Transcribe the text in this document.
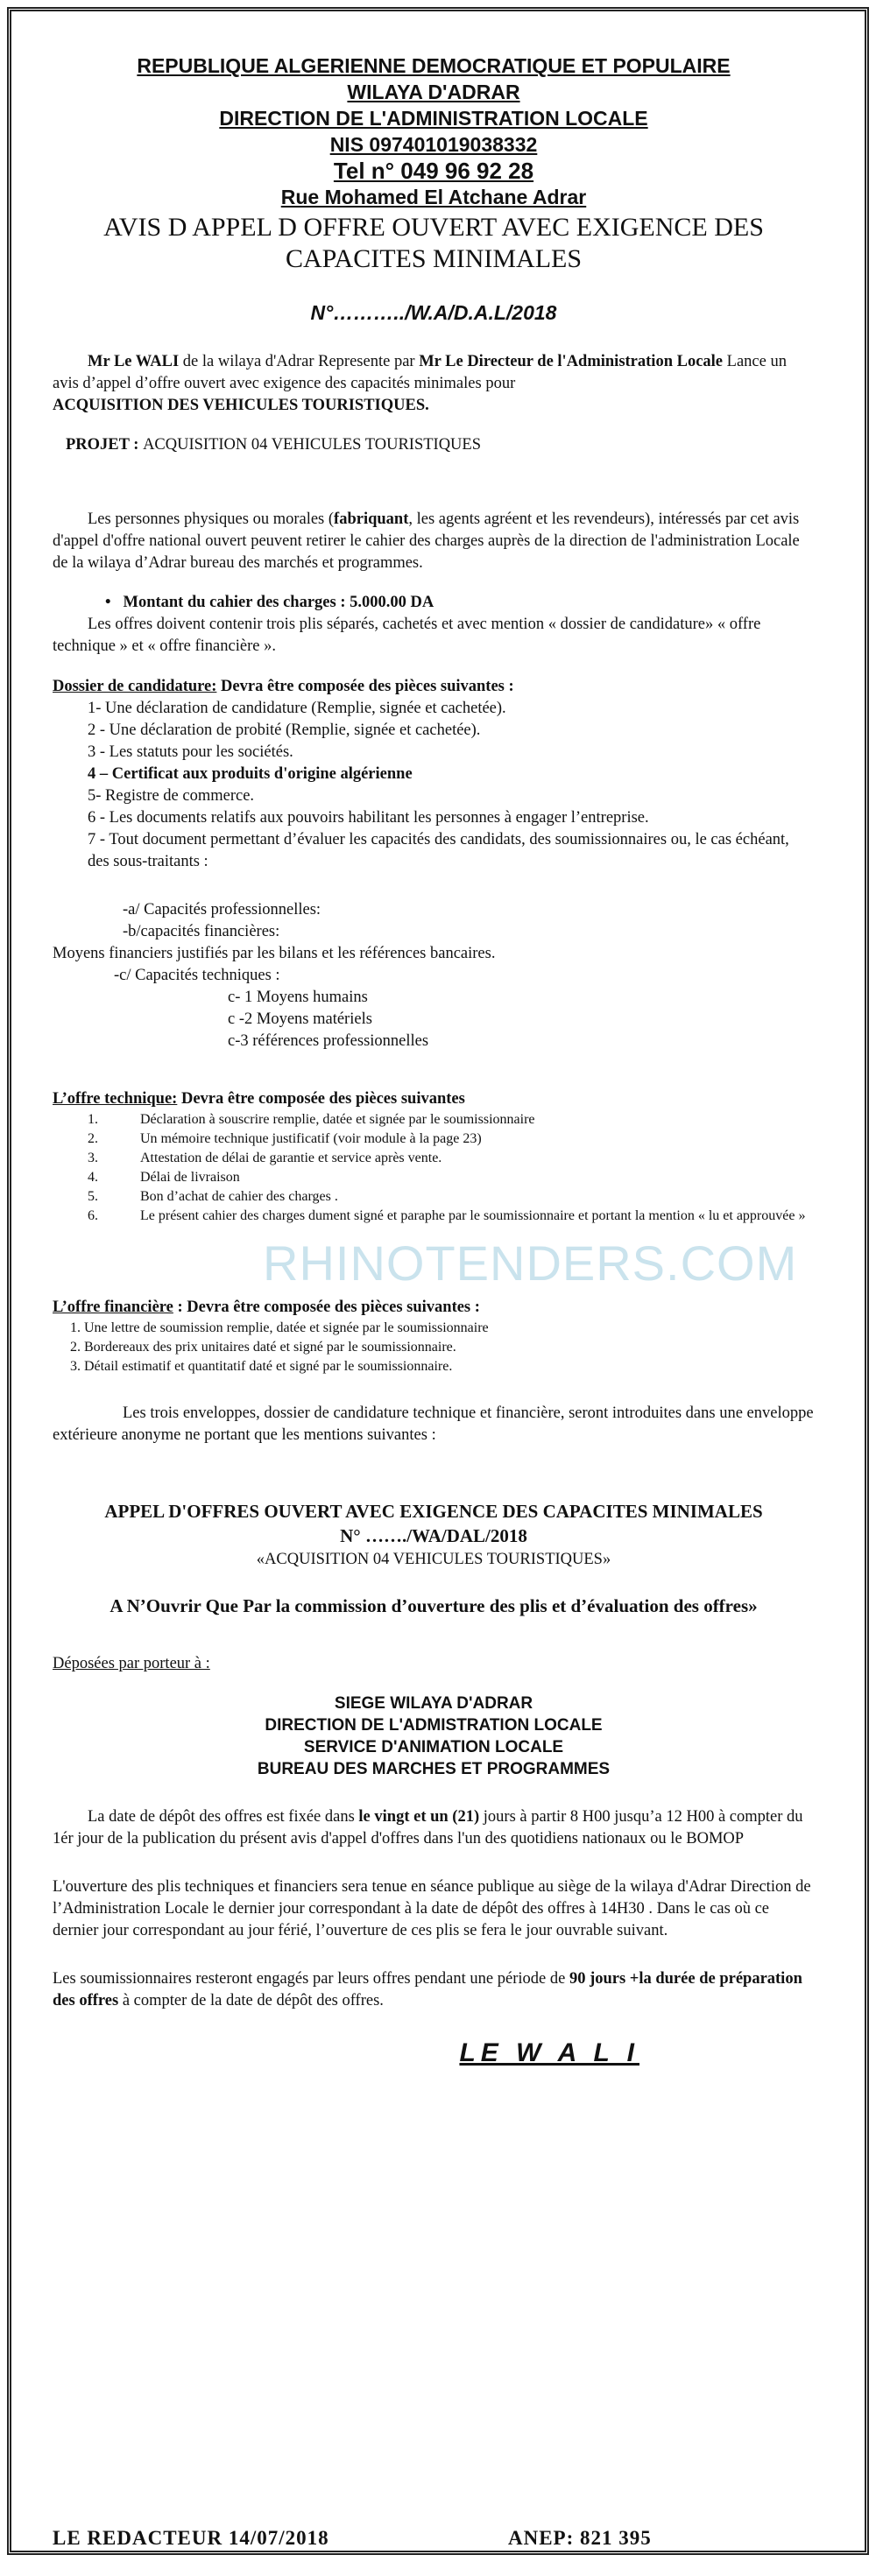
REPUBLIQUE ALGERIENNE DEMOCRATIQUE ET POPULAIRE

WILAYA D'ADRAR

DIRECTION DE L'ADMINISTRATION LOCALE

NIS 097401019038332

Tel n° 049 96 92 28

Rue Mohamed El Atchane Adrar

AVIS D APPEL D OFFRE OUVERT AVEC EXIGENCE DES
CAPACITES MINIMALES
N°………../W.A/D.A.L/2018

Mr Le WALI de la wilaya d'Adrar Represente par Mr Le Directeur de l'Administration Locale Lance un avis d’appel d’offre ouvert avec exigence des capacités minimales pour
ACQUISITION DES VEHICULES TOURISTIQUES.

PROJET : ACQUISITION 04 VEHICULES TOURISTIQUES

Les personnes physiques ou morales (fabriquant, les agents agréent et les revendeurs), intéressés par cet avis d'appel d'offre national ouvert peuvent retirer le cahier des charges auprès de la direction de l'administration Locale de la wilaya d’Adrar bureau des marchés et programmes.

• Montant du cahier des charges : 5.000.00 DA

Les offres doivent contenir trois plis séparés, cachetés et avec mention « dossier de candidature» « offre technique » et « offre financière ».

Dossier de candidature: Devra être composée des pièces suivantes :

1- Une déclaration de candidature (Remplie, signée et cachetée).
2 - Une déclaration de probité (Remplie, signée et cachetée).
3 - Les statuts pour les sociétés.
4 – Certificat aux produits d'origine algérienne
5- Registre de commerce.
6 - Les documents relatifs aux pouvoirs habilitant les personnes à engager l’entreprise.
7 - Tout document permettant d’évaluer les capacités des candidats, des soumissionnaires ou, le cas échéant, des sous-traitants :

-a/ Capacités professionnelles:

-b/capacités financières:

Moyens financiers justifiés par les bilans et les références bancaires.

-c/ Capacités techniques :

c- 1 Moyens humains

c -2 Moyens matériels

c-3 références professionnelles

L’offre technique: Devra être composée des pièces suivantes

1.	Déclaration à souscrire remplie, datée et signée par le soumissionnaire
2.	Un mémoire technique justificatif (voir module à la page 23)
3.	Attestation de délai de garantie et service après vente.
4.	Délai de livraison
5.	Bon d’achat de cahier des charges .
6.	Le présent cahier des charges dument signé et paraphe par le soumissionnaire et portant la mention « lu et approuvée »

L’offre financière : Devra être composée des pièces suivantes :

1. Une lettre de soumission remplie, datée et signée par le soumissionnaire
2. Bordereaux des prix unitaires daté et signé par le soumissionnaire.
3. Détail estimatif et quantitatif daté et signé par le soumissionnaire.

Les trois enveloppes, dossier de candidature technique et financière, seront introduites dans une enveloppe extérieure anonyme ne portant que les mentions suivantes :

APPEL D'OFFRES OUVERT AVEC EXIGENCE DES CAPACITES MINIMALES
N° ……./WA/DAL/2018
«ACQUISITION 04 VEHICULES TOURISTIQUES»
A N’Ouvrir Que Par la commission d’ouverture des plis et d’évaluation des offres»

Déposées par porteur à :

SIEGE WILAYA D'ADRAR
DIRECTION DE L'ADMISTRATION LOCALE
SERVICE D'ANIMATION LOCALE
BUREAU DES MARCHES ET PROGRAMMES

La date de dépôt des offres est fixée dans le vingt et un (21) jours à partir 8 H00 jusqu’a 12 H00 à compter du 1ér jour de la publication du présent avis d'appel d'offres dans l'un des quotidiens nationaux ou le BOMOP

L'ouverture des plis techniques et financiers sera tenue en séance publique au siège de la wilaya d'Adrar Direction de l’Administration Locale le dernier jour correspondant à la date de dépôt des offres à 14H30 . Dans le cas où ce dernier jour correspondant au jour férié, l’ouverture de ces plis se fera le jour ouvrable suivant.

Les soumissionnaires resteront engagés par leurs offres pendant une période de 90 jours +la durée de préparation des offres à compter de la date de dépôt des offres.

LE W A L I
RHINOTENDERS.COM
LE REDACTEUR 14/07/2018	ANEP: 821 395
